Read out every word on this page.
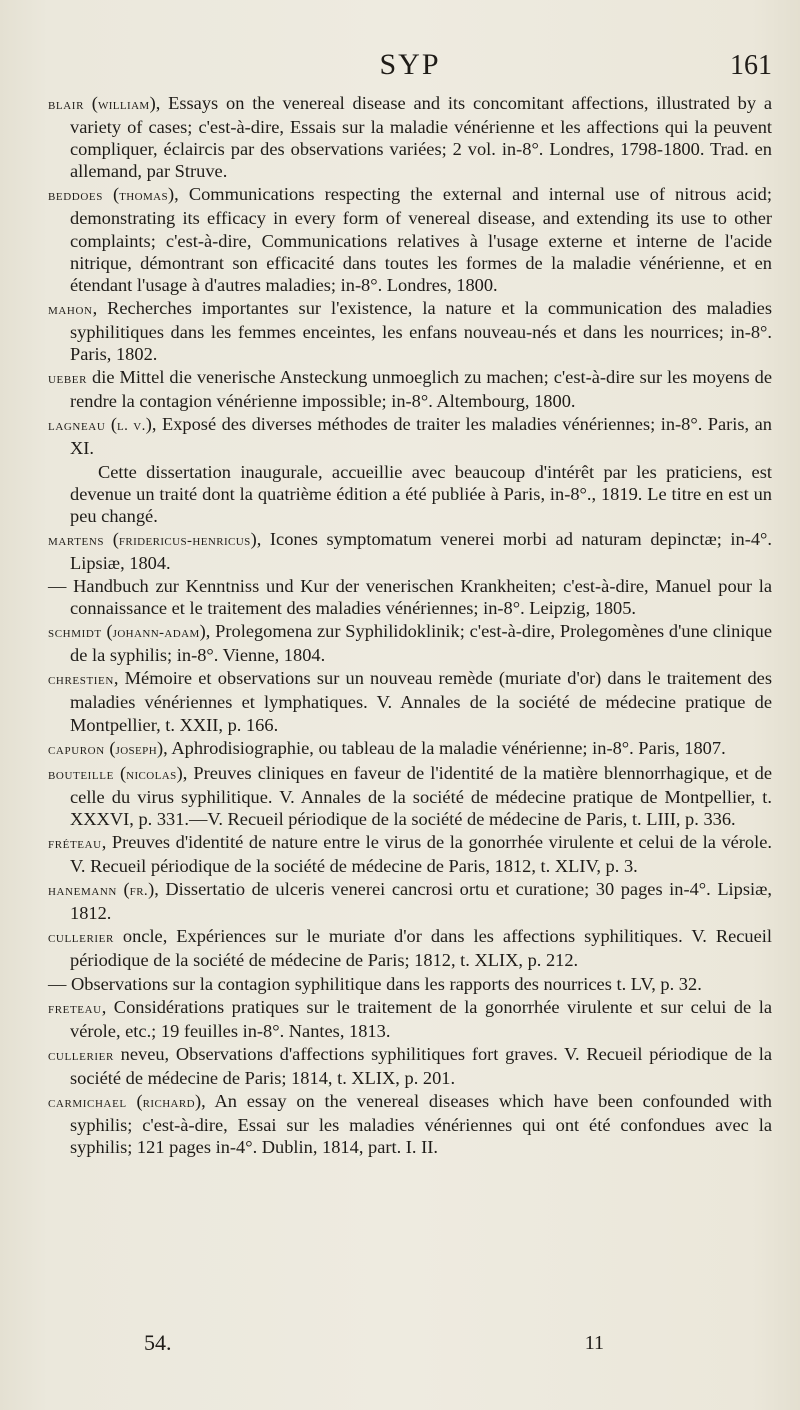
SYP	161

blair (william), Essays on the venereal disease and its concomitant affections, illustrated by a variety of cases; c'est-à-dire, Essais sur la maladie vénérienne et les affections qui la peuvent compliquer, éclaircis par des observations variées; 2 vol. in-8°. Londres, 1798-1800. Trad. en allemand, par Struve.

beddoes (thomas), Communications respecting the external and internal use of nitrous acid; demonstrating its efficacy in every form of venereal disease, and extending its use to other complaints; c'est-à-dire, Communications relatives à l'usage externe et interne de l'acide nitrique, démontrant son efficacité dans toutes les formes de la maladie vénérienne, et en étendant l'usage à d'autres maladies; in-8°. Londres, 1800.

mahon, Recherches importantes sur l'existence, la nature et la communication des maladies syphilitiques dans les femmes enceintes, les enfans nouveau-nés et dans les nourrices; in-8°. Paris, 1802.

ueber die Mittel die venerische Ansteckung unmoeglich zu machen; c'est-à-dire sur les moyens de rendre la contagion vénérienne impossible; in-8°. Altembourg, 1800.

lagneau (l. v.), Exposé des diverses méthodes de traiter les maladies vénériennes; in-8°. Paris, an XI.

Cette dissertation inaugurale, accueillie avec beaucoup d'intérêt par les praticiens, est devenue un traité dont la quatrième édition a été publiée à Paris, in-8°., 1819. Le titre en est un peu changé.

martens (fridericus-henricus), Icones symptomatum venerei morbi ad naturam depinctæ; in-4°. Lipsiæ, 1804.

— Handbuch zur Kenntniss und Kur der venerischen Krankheiten; c'est-à-dire, Manuel pour la connaissance et le traitement des maladies vénériennes; in-8°. Leipzig, 1805.

schmidt (johann-adam), Prolegomena zur Syphilidoklinik; c'est-à-dire, Prolegomènes d'une clinique de la syphilis; in-8°. Vienne, 1804.

chrestien, Mémoire et observations sur un nouveau remède (muriate d'or) dans le traitement des maladies vénériennes et lymphatiques. V. Annales de la société de médecine pratique de Montpellier, t. XXII, p. 166.

capuron (joseph), Aphrodisiographie, ou tableau de la maladie vénérienne; in-8°. Paris, 1807.

bouteille (nicolas), Preuves cliniques en faveur de l'identité de la matière blennorrhagique, et de celle du virus syphilitique. V. Annales de la société de médecine pratique de Montpellier, t. XXXVI, p. 331.—V. Recueil périodique de la société de médecine de Paris, t. LIII, p. 336.

fréteau, Preuves d'identité de nature entre le virus de la gonorrhée virulente et celui de la vérole. V. Recueil périodique de la société de médecine de Paris, 1812, t. XLIV, p. 3.

hanemann (fr.), Dissertatio de ulceris venerei cancrosi ortu et curatione; 30 pages in-4°. Lipsiæ, 1812.

cullerier oncle, Expériences sur le muriate d'or dans les affections syphilitiques. V. Recueil périodique de la société de médecine de Paris; 1812, t. XLIX, p. 212.

— Observations sur la contagion syphilitique dans les rapports des nourrices t. LV, p. 32.

freteau, Considérations pratiques sur le traitement de la gonorrhée virulente et sur celui de la vérole, etc.; 19 feuilles in-8°. Nantes, 1813.

cullerier neveu, Observations d'affections syphilitiques fort graves. V. Recueil périodique de la société de médecine de Paris; 1814, t. XLIX, p. 201.

carmichael (richard), An essay on the venereal diseases which have been confounded with syphilis; c'est-à-dire, Essai sur les maladies vénériennes qui ont été confondues avec la syphilis; 121 pages in-4°. Dublin, 1814, part. I. II.

54.	11
